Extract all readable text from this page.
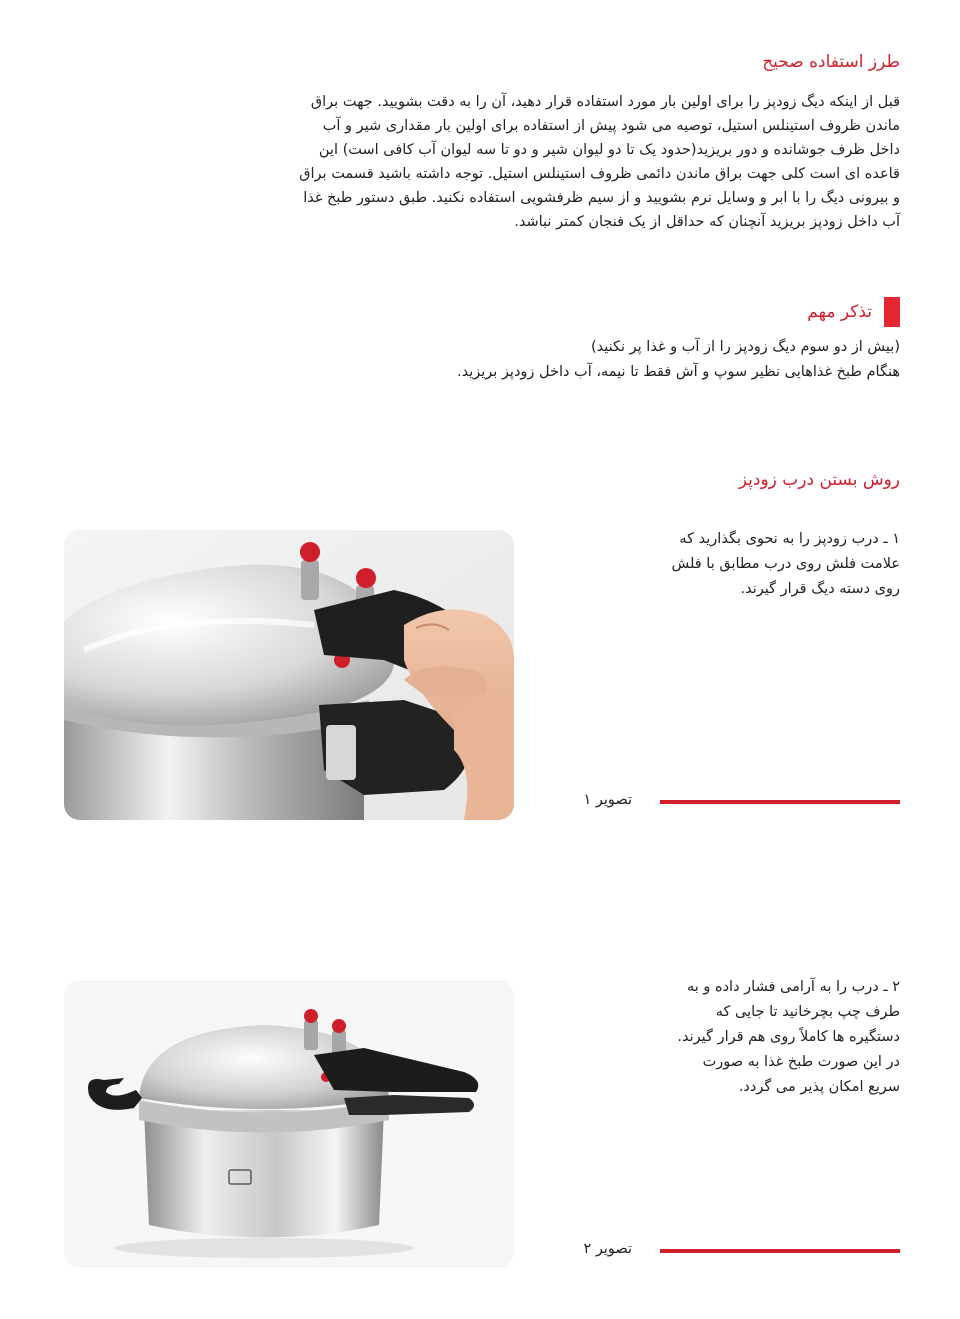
طرز استفاده صحیح

قبل از اینکه دیگ زودپز را برای اولین بار مورد استفاده قرار دهید، آن را به دقت بشویید. جهت براق

ماندن ظروف استینلس استیل، توصیه می شود پیش از استفاده برای اولین بار مقداری شیر و آب

داخل ظرف جوشانده و دور بریزید(حدود یک تا دو لیوان شیر و دو تا سه لیوان آب کافی است) این

قاعده ای است کلی جهت براق ماندن دائمی ظروف استینلس استیل. توجه داشته باشید قسمت براق

و بیرونی دیگ را با ابر و وسایل نرم بشویید و از سیم ظرفشویی استفاده نکنید. طبق دستور طبخ غذا

آب داخل زودپز بریزید آنچنان که حداقل از یک فنجان کمتر نباشد.

تذکر مهم

(بیش از دو سوم دیگ زودپز را از آب و غذا پر نکنید)

هنگام طبخ غذاهایی نظیر سوپ و آش فقط تا نیمه، آب داخل زودپز بریزید.

روش بستن درب زودپز
۱ ـ درب زودپز را به نحوی بگذارید که
علامت فلش روی درب مطابق با فلش
روی دسته دیگ قرار گیرند.
تصویر ۱
۲ ـ درب را به آرامی فشار داده و به
طرف چپ بچرخانید تا جایی که
دستگیره ها کاملاً روی هم قرار گیرند.
در این صورت طبخ غذا به صورت
سریع امکان پذیر می گردد.
تصویر ۲
